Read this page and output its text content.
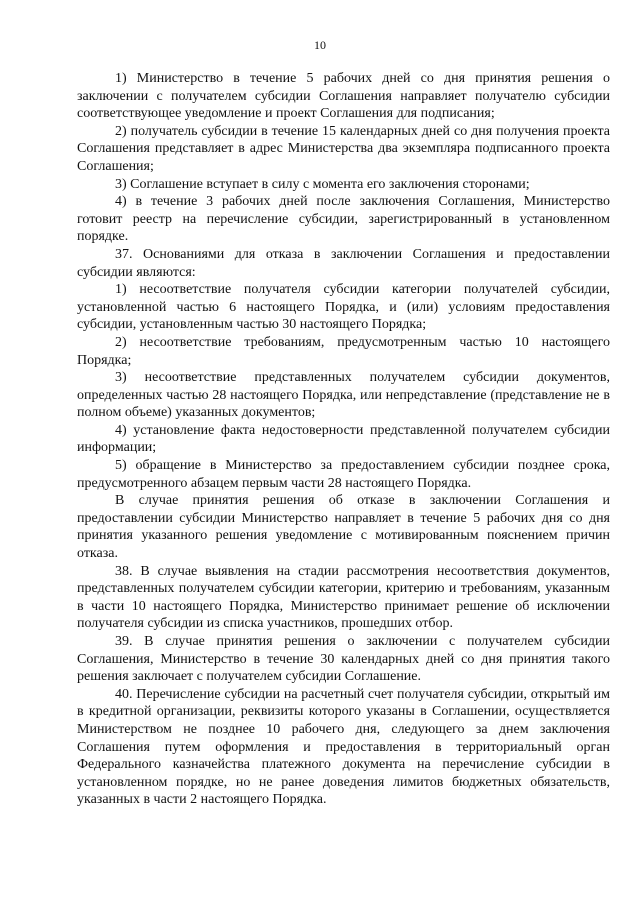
10

1) Министерство в течение 5 рабочих дней со дня принятия решения о заключении с получателем субсидии Соглашения направляет получателю субсидии соответствующее уведомление и проект Соглашения для подписания;

2) получатель субсидии в течение 15 календарных дней со дня получения проекта Соглашения представляет в адрес Министерства два экземпляра подписанного проекта Соглашения;

3) Соглашение вступает в силу с момента его заключения сторонами;

4) в течение 3 рабочих дней после заключения Соглашения, Министерство готовит реестр на перечисление субсидии, зарегистрированный в установленном порядке.

37. Основаниями для отказа в заключении Соглашения и предоставлении субсидии являются:

1) несоответствие получателя субсидии категории получателей субсидии, установленной частью 6 настоящего Порядка, и (или) условиям предоставления субсидии, установленным частью 30 настоящего Порядка;

2) несоответствие требованиям, предусмотренным частью 10 настоящего Порядка;

3) несоответствие представленных получателем субсидии документов, определенных частью 28 настоящего Порядка, или непредставление (представление не в полном объеме) указанных документов;

4) установление факта недостоверности представленной получателем субсидии информации;

5) обращение в Министерство за предоставлением субсидии позднее срока, предусмотренного абзацем первым части 28 настоящего Порядка.

В случае принятия решения об отказе в заключении Соглашения и предоставлении субсидии Министерство направляет в течение 5 рабочих дня со дня принятия указанного решения уведомление с мотивированным пояснением причин отказа.

38. В случае выявления на стадии рассмотрения несоответствия документов, представленных получателем субсидии категории, критерию и требованиям, указанным в части 10 настоящего Порядка, Министерство принимает решение об исключении получателя субсидии из списка участников, прошедших отбор.

39. В случае принятия решения о заключении с получателем субсидии Соглашения, Министерство в течение 30 календарных дней со дня принятия такого решения заключает с получателем субсидии Соглашение.

40. Перечисление субсидии на расчетный счет получателя субсидии, открытый им в кредитной организации, реквизиты которого указаны в Соглашении, осуществляется Министерством не позднее 10 рабочего дня, следующего за днем заключения Соглашения путем оформления и предоставления в территориальный орган Федерального казначейства платежного документа на перечисление субсидии в установленном порядке, но не ранее доведения лимитов бюджетных обязательств, указанных в части 2 настоящего Порядка.
